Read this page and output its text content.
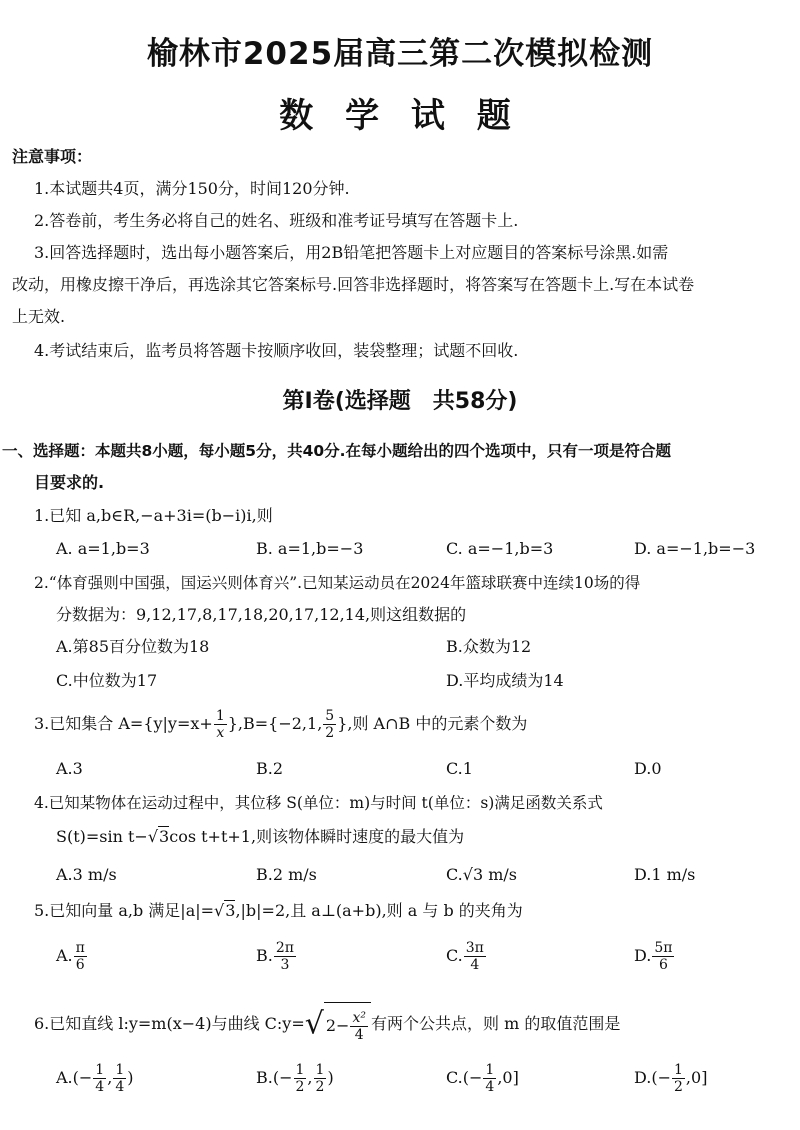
榆林市2025届高三第二次模拟检测
数 学 试 题
注意事项：
1.本试题共4页，满分150分，时间120分钟.
2.答卷前，考生务必将自己的姓名、班级和准考证号填写在答题卡上.
3.回答选择题时，选出每小题答案后，用2B铅笔把答题卡上对应题目的答案标号涂黑.如需
改动，用橡皮擦干净后，再选涂其它答案标号.回答非选择题时，将答案写在答题卡上.写在本试卷
上无效.
4.考试结束后，监考员将答题卡按顺序收回，装袋整理；试题不回收.
第Ⅰ卷(选择题　共58分)
一、选择题：本题共8小题，每小题5分，共40分.在每小题给出的四个选项中，只有一项是符合题
目要求的.
1.已知 a,b∈R,−a+3i=(b−i)i,则
A. a=1,b=3	B. a=1,b=−3	C. a=−1,b=3	D. a=−1,b=−3
2.“体育强则中国强，国运兴则体育兴”.已知某运动员在2024年篮球联赛中连续10场的得
分数据为：9,12,17,8,17,18,20,17,12,14,则这组数据的
A.第85百分位数为18	B.众数为12
C.中位数为17	D.平均成绩为14
3.已知集合 $A=\{y|y=x+ \frac{1}{x} \},B=\{-2,1$, $\frac{5}{2}$ },则 A∩B 中的元素个数为
A.3	B.2	C.1	D.0
4.已知某物体在运动过程中，其位移 S(单位：m)与时间 t(单位：s)满足函数关系式
S(t)=sin t−√3cos t+t+1,则该物体瞬时速度的最大值为
A.3 m/s	B.2 m/s	C.√3 m/s	D.1 m/s
5.已知向量 a,b 满足|a|=√3,|b|=2,且 a⊥(a+b),则 a 与 b 的夹角为
A. $\frac{\pi}{6}$	B. $\frac{2\pi}{3}$	C. $\frac{3\pi}{4}$	D. $\frac{5\pi}{6}$
6.已知直线 l:y=m(x−4)与曲线 C:y=√ $2- \frac{\text{x²}}{4}$ 有两个公共点，则 m 的取值范围是
$A.(- \frac{1}{4}$ , $\frac{1}{4}$ )	$B.(- \frac{1}{2}$ , $\frac{1}{2}$ )	$C.(- \frac{1}{4} ,0]$	$D.(- \frac{1}{2} ,0]$
